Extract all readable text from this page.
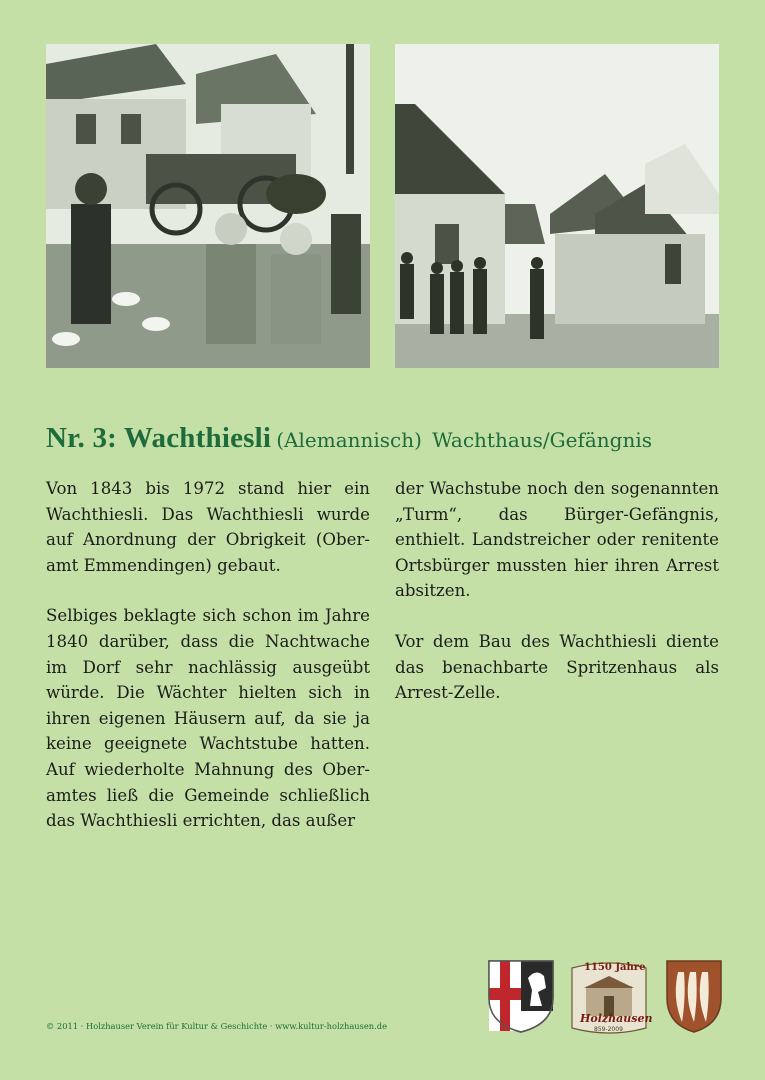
Nr. 3: Wachthiesli (Alemannisch) Wachthaus/Gefängnis

Von 1843 bis 1972 stand hier ein Wachthiesli. Das Wachthiesli wurde auf Anordnung der Obrigkeit (Oberamt Emmendingen) gebaut.

Selbiges beklagte sich schon im Jahre 1840 darüber, dass die Nachtwache im Dorf sehr nachlässig ausgeübt würde. Die Wächter hielten sich in ihren eigenen Häusern auf, da sie ja keine geeignete Wachtstube hatten. Auf wiederholte Mahnung des Oberamtes ließ die Gemeinde schließlich das Wachthiesli errichten, das außer

der Wachstube noch den sogenannten „Turm“, das Bürger-Gefängnis, enthielt. Landstreicher oder renitente Ortsbürger mussten hier ihren Arrest absitzen.

Vor dem Bau des Wachthiesli diente das benachbarte Spritzenhaus als Arrest-Zelle.

© 2011 · Holzhauser Verein für Kultur & Geschichte · www.kultur-holzhausen.de
1150 Jahre
Holzhausen
859-2009
